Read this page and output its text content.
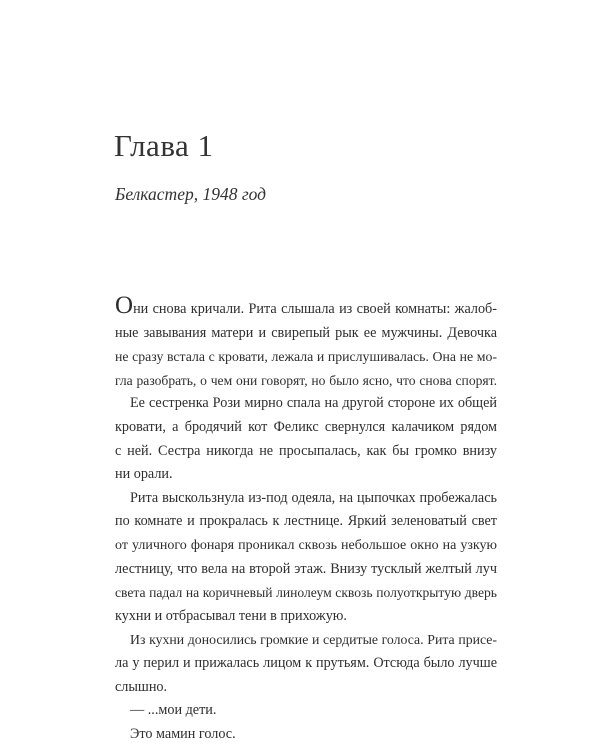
Глава 1
Белкастер, 1948 год
Они снова кричали. Рита слышала из своей комнаты: жалоб-
ные завывания матери и свирепый рык ее мужчины. Девочка
не сразу встала с кровати, лежала и прислушивалась. Она не мо-
гла разобрать, о чем они говорят, но было ясно, что снова спорят.
Ее сестренка Рози мирно спала на другой стороне их общей
кровати, а бродячий кот Феликс свернулся калачиком рядом
с ней. Сестра никогда не просыпалась, как бы громко внизу
ни орали.
Рита выскользнула из-под одеяла, на цыпочках пробежалась
по комнате и прокралась к лестнице. Яркий зеленоватый свет
от уличного фонаря проникал сквозь небольшое окно на узкую
лестницу, что вела на второй этаж. Внизу тусклый желтый луч
света падал на коричневый линолеум сквозь полуоткрытую дверь
кухни и отбрасывал тени в прихожую.
Из кухни доносились громкие и сердитые голоса. Рита присе-
ла у перил и прижалась лицом к прутьям. Отсюда было лучше
слышно.
— ...мои дети.
Это мамин голос.
